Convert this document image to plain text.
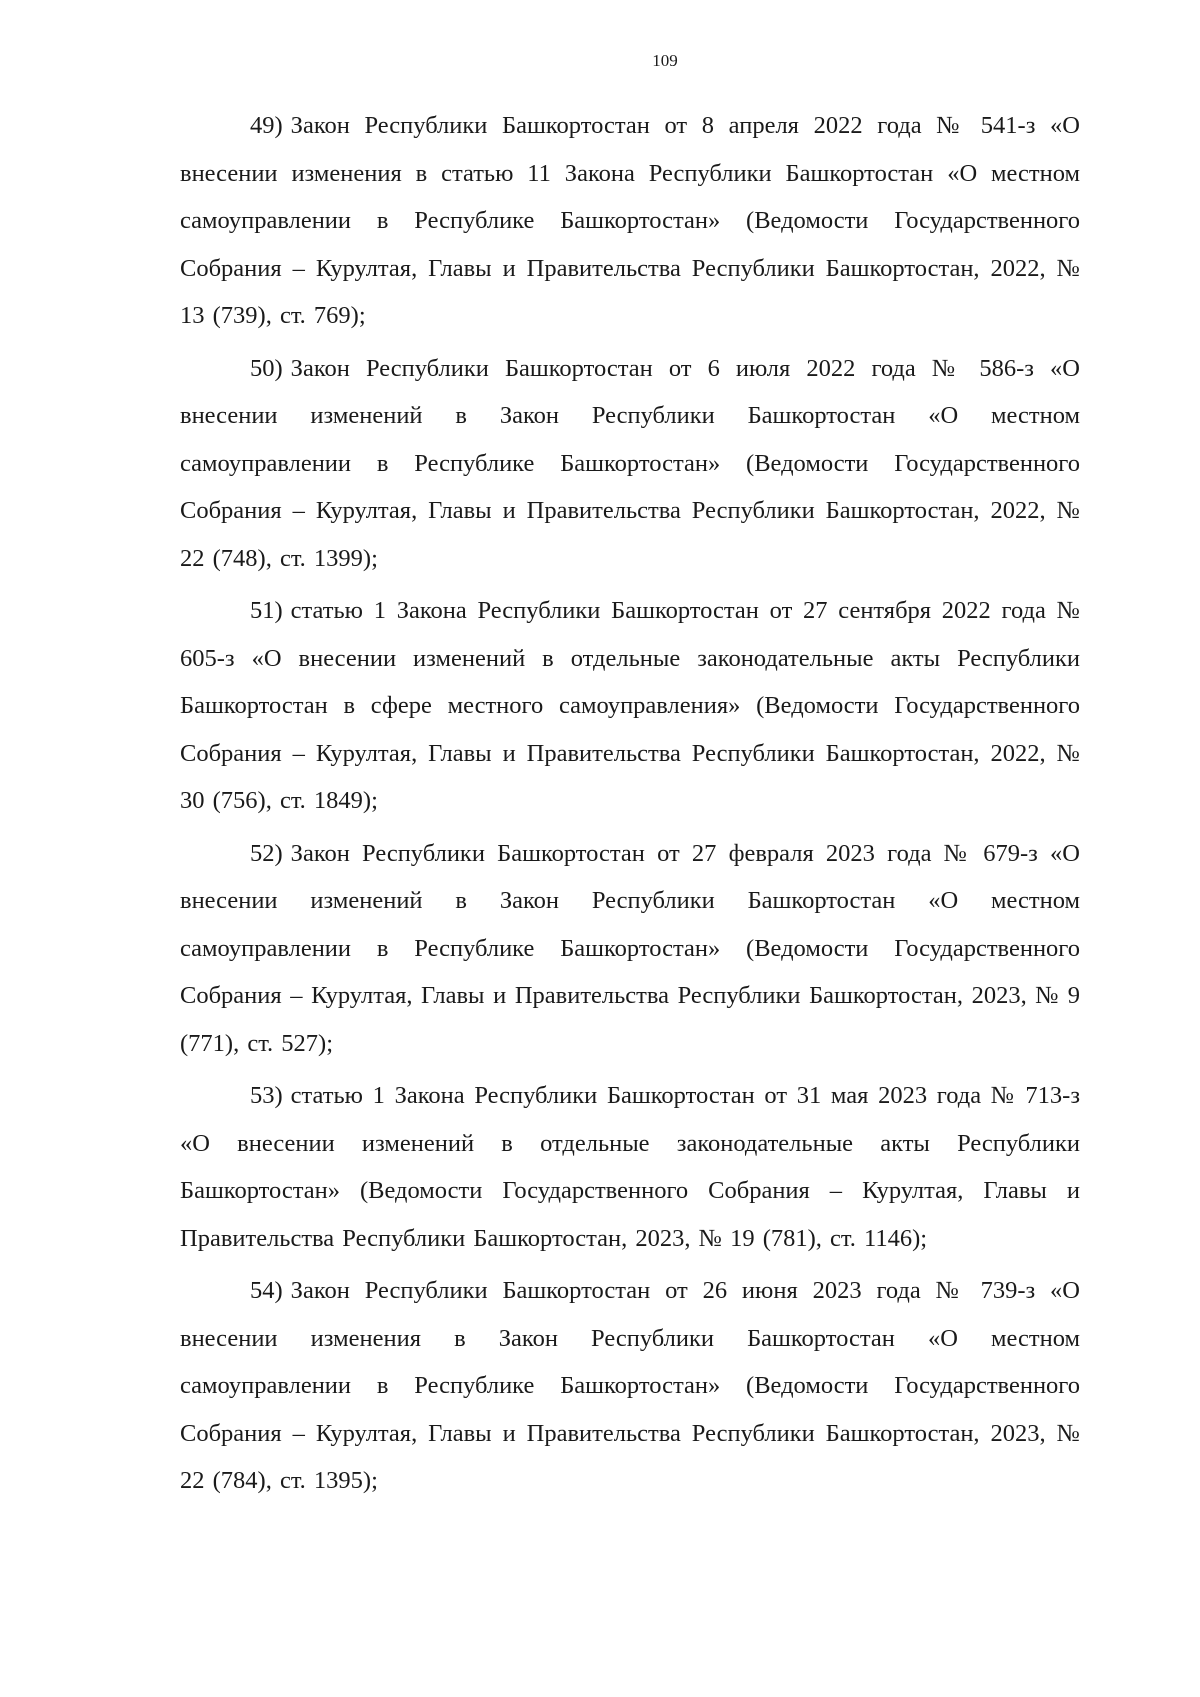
109

49) Закон Республики Башкортостан от 8 апреля 2022 года № 541-з «О внесении изменения в статью 11 Закона Республики Башкортостан «О местном самоуправлении в Республике Башкортостан» (Ведомости Государственного Собрания – Курултая, Главы и Правительства Республики Башкортостан, 2022, № 13 (739), ст. 769);

50) Закон Республики Башкортостан от 6 июля 2022 года № 586-з «О внесении изменений в Закон Республики Башкортостан «О местном самоуправлении в Республике Башкортостан» (Ведомости Государственного Собрания – Курултая, Главы и Правительства Республики Башкортостан, 2022, № 22 (748), ст. 1399);

51) статью 1 Закона Республики Башкортостан от 27 сентября 2022 года № 605-з «О внесении изменений в отдельные законодательные акты Республики Башкортостан в сфере местного самоуправления» (Ведомости Государственного Собрания – Курултая, Главы и Правительства Республики Башкортостан, 2022, № 30 (756), ст. 1849);

52) Закон Республики Башкортостан от 27 февраля 2023 года № 679-з «О внесении изменений в Закон Республики Башкортостан «О местном самоуправлении в Республике Башкортостан» (Ведомости Государственного Собрания – Курултая, Главы и Правительства Республики Башкортостан, 2023, № 9 (771), ст. 527);

53) статью 1 Закона Республики Башкортостан от 31 мая 2023 года № 713-з «О внесении изменений в отдельные законодательные акты Республики Башкортостан» (Ведомости Государственного Собрания – Курултая, Главы и Правительства Республики Башкортостан, 2023, № 19 (781), ст. 1146);

54) Закон Республики Башкортостан от 26 июня 2023 года № 739-з «О внесении изменения в Закон Республики Башкортостан «О местном самоуправлении в Республике Башкортостан» (Ведомости Государственного Собрания – Курултая, Главы и Правительства Республики Башкортостан, 2023, № 22 (784), ст. 1395);
